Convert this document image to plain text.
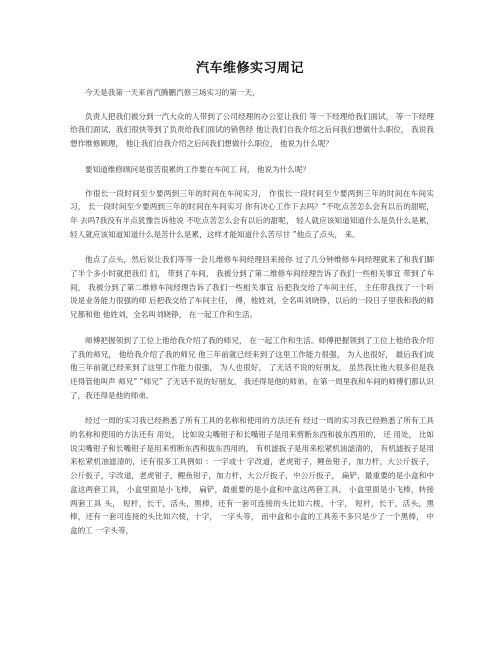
汽车维修实习周记

今天是我第一天来首汽腾鹏汽修三场实习的第一天，

负责人把我们被分到一汽大众的人带到了公司经理的办公室让我们 等一下经理给我们面试， 等一下经理给我们面试，我们很快等到了负责给我们面试的销售经 他让我们自我介绍之后问我们想做什么职位， 我说我想作维修顾理， 他让我们自我介绍之后问我们想做什么职位， 他说为什么呢？

要知道维修顾问是很苦很累的工作要在车间工 问， 他说为什么呢？

作很长一段时间至少要两到三年的时间在车间实习， 作很长一段时间至少要两到三年的时间在车间实习， 长一段时间至少要两到三年的时间在车间实习 你有决心工作下去吗？“不吃点苦怎么会有以后的甜呢， 年 去吗?我没有半点犹豫告诉他说 不吃点苦怎么会有以后的甜呢， 轻人就应该知道知道什么是负什么是累， 轻人就应该知道知道什么是苦什么是累，这样才能知道什么苦尽甘 ”他点了点头， 来。

他点了点头，然后说让我们等等一会儿维修车间经理回来接你 过了几分钟维修车间经理就来了和我们脚了半个多小时就把我们 们， 带到了车间， 我被分到了第二维修车间经理告诉了我们一些相关事宜 带到了车间， 我被分到了第二维修车间经理告诉了我们一些相关事宜 后把我交给了车间主任， 主任带我找了一个听说是业务能力很强的师 后把我交给了车间主任， 傅，他姓刘，全名叫刘晓铮，以后的一段日子里我和我的师兄都和他 他姓刘，全名叫刘晓铮， 在一起工作和生活。

师傅把握领到了工位上他给我介绍了我的师兄， 在一起工作和生活。师傅把握领到了工位上他给我介绍了我的师兄， 他给我介绍了我的师兄 他三年前就已经来到了这里工作能力很强， 为人也很好， 最后我们成 他三年前就已经来到了这里工作能力很强， 为人也很好， 了无话不说的好朋友， 虽然我比他大很多但是我还得管他叫声 师兄” “师兄” 了无话不说的好朋友， 我还得是他的师弟。在第一周里我和车间的师傅们都认识了，我还得是他的师弟。

经过一周的实习我已经熟悉了所有工具的名称和使用的方法还有 经过一周的实习我已经熟悉了所有工具的名称和使用的方法还有 用处， 比如说尖嘴钳子和长嘴钳子是用来剪断东西和拔东西用的， 还 用处， 比如说尖嘴钳子和长嘴钳子是用来剪断东西和拔东西用的， 有机滤扳子是用来松紧机油滤清的， 有机滤扳子是用来松紧机油滤清的，还有很多工具例如 ：一字或十 字改道，老虎钳子，鲤鱼钳子，加力杆，大公斤扳子， 公斤扳子，字改道，老虎钳子，鲤鱼钳子，加力杆，大公斤扳子，中公斤扳子， 扁铲，最重要的是小盒和中盒这两套工具， 小盒里面是小飞棒， 扁铲，最重要的是小盒和中盒这两套工具， 小盒里面是小飞棒，转接 两套工具 头， 短杆，长干，活头，黑棒，还有一套可连接的头比如六棱，十字， 短杆，长干，活头，黑棒，还有一套可连接的头比如六棱，十字， 一字头等， 而中盒和小盒的工具差不多只是少了一个黑棒， 中盒的工 一字头等，
